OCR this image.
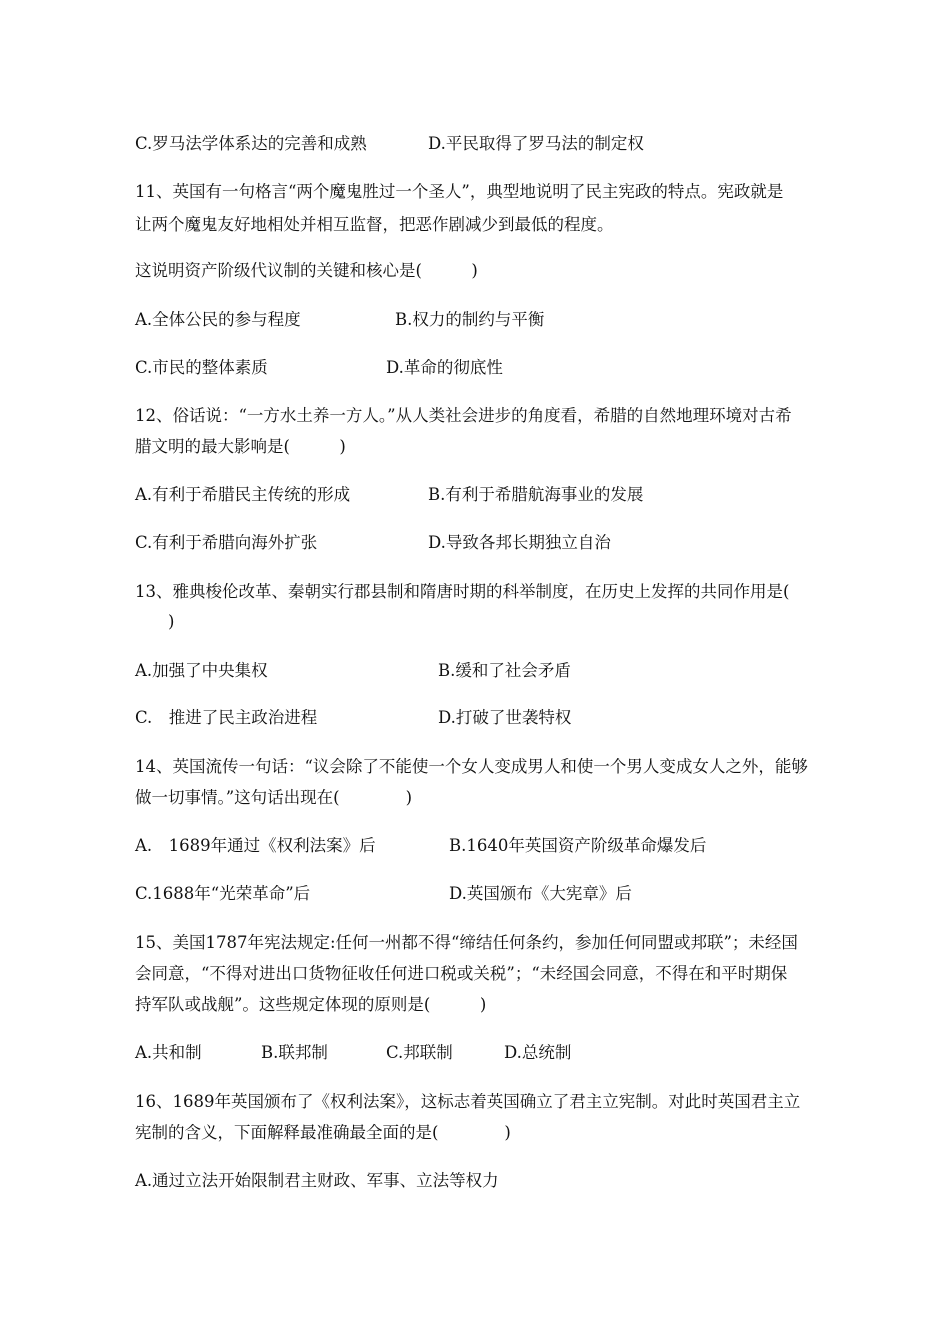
C.罗马法学体系达的完善和成熟	D.平民取得了罗马法的制定权
11、英国有一句格言“两个魔鬼胜过一个圣人”，典型地说明了民主宪政的特点。宪政就是
让两个魔鬼友好地相处并相互监督，把恶作剧减少到最低的程度。
这说明资产阶级代议制的关键和核心是(　　　)
A.全体公民的参与程度	B.权力的制约与平衡
C.市民的整体素质	D.革命的彻底性
12、俗话说：“一方水土养一方人。”从人类社会进步的角度看，希腊的自然地理环境对古希
腊文明的最大影响是(　　　)
A.有利于希腊民主传统的形成	B.有利于希腊航海事业的发展
C.有利于希腊向海外扩张	D.导致各邦长期独立自治
13、雅典梭伦改革、秦朝实行郡县制和隋唐时期的科举制度，在历史上发挥的共同作用是(
　　)
A.加强了中央集权	B.缓和了社会矛盾
C.　推进了民主政治进程	D.打破了世袭特权
14、英国流传一句话：“议会除了不能使一个女人变成男人和使一个男人变成女人之外，能够
做一切事情。”这句话出现在(　　　　)
A.　1689年通过《权利法案》后	B.1640年英国资产阶级革命爆发后
C.1688年“光荣革命”后	D.英国颁布《大宪章》后
15、美国1787年宪法规定:任何一州都不得“缔结任何条约，参加任何同盟或邦联”；未经国
会同意，“不得对进出口货物征收任何进口税或关税”；“未经国会同意，不得在和平时期保
持军队或战舰”。这些规定体现的原则是(　　　)
A.共和制	B.联邦制	C.邦联制	D.总统制
16、1689年英国颁布了《权利法案》，这标志着英国确立了君主立宪制。对此时英国君主立
宪制的含义，下面解释最准确最全面的是(　　　　)
A.通过立法开始限制君主财政、军事、立法等权力
